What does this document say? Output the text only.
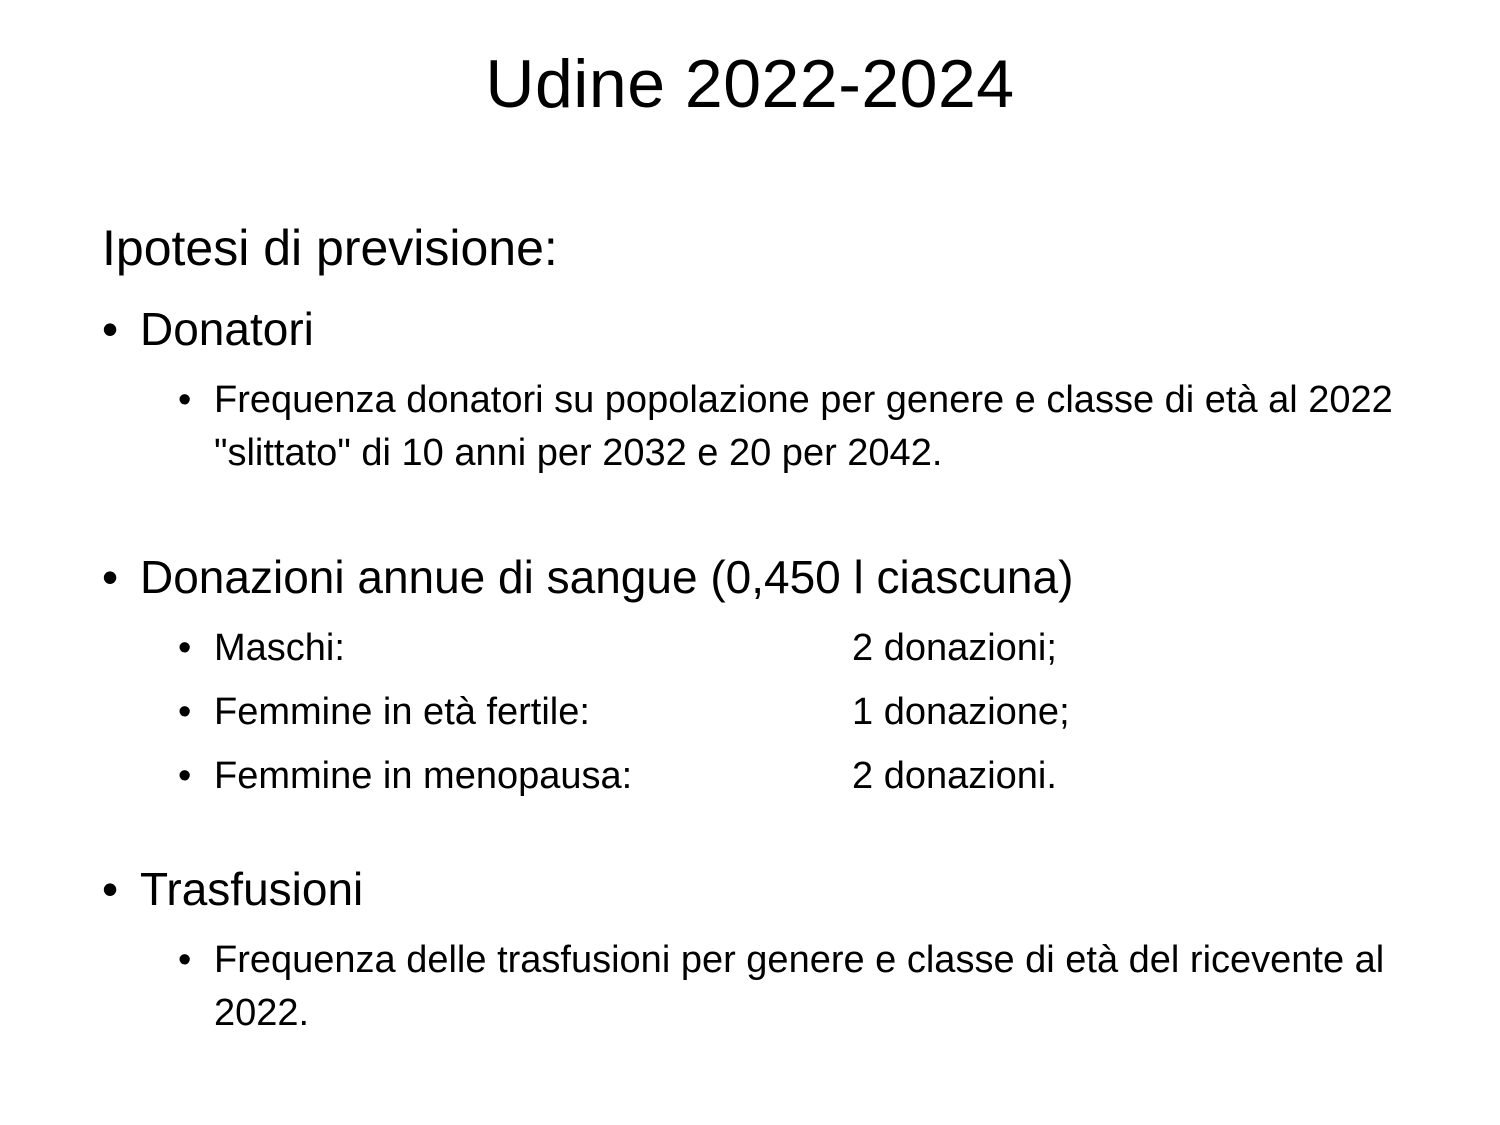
Udine 2022-2024
Ipotesi di previsione:
• Donatori
• Frequenza donatori su popolazione per genere e classe di età al 2022 "slittato" di 10 anni per 2032 e 20 per 2042.
• Donazioni annue di sangue (0,450 l ciascuna)
• Maschi:	2 donazioni;
• Femmine in età fertile:	1 donazione;
• Femmine in menopausa:	2 donazioni.
• Trasfusioni
• Frequenza delle trasfusioni per genere e classe di età del ricevente al 2022.
